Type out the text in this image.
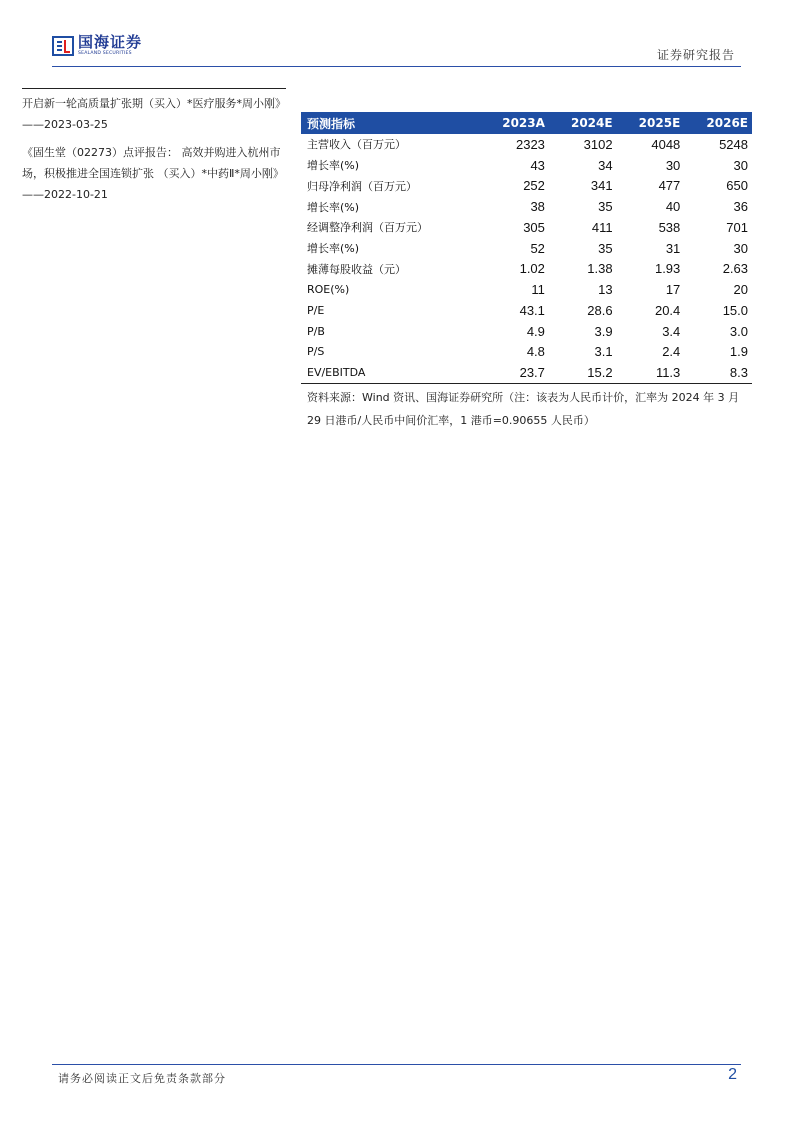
国海证券
SEALAND SECURITIES	证券研究报告

开启新一轮高质量扩张期（买入）*医疗服务*周小刚》——2023-03-25

《固生堂（02273）点评报告： 高效并购进入杭州市场，积极推进全国连锁扩张 （买入）*中药Ⅱ*周小刚》——2022-10-21

预测指标	2023A	2024E	2025E	2026E
主营收入（百万元）	2323	3102	4048	5248
增长率(%)	43	34	30	30
归母净利润（百万元）	252	341	477	650
增长率(%)	38	35	40	36
经调整净利润（百万元）	305	411	538	701
增长率(%)	52	35	31	30
摊薄每股收益（元）	1.02	1.38	1.93	2.63
ROE(%)	11	13	17	20
P/E	43.1	28.6	20.4	15.0
P/B	4.9	3.9	3.4	3.0
P/S	4.8	3.1	2.4	1.9
EV/EBITDA	23.7	15.2	11.3	8.3
资料来源：Wind 资讯、国海证券研究所（注：该表为人民币计价，汇率为 2024 年 3 月 29 日港币/人民币中间价汇率，1 港币=0.90655 人民币）
请务必阅读正文后免责条款部分	2
